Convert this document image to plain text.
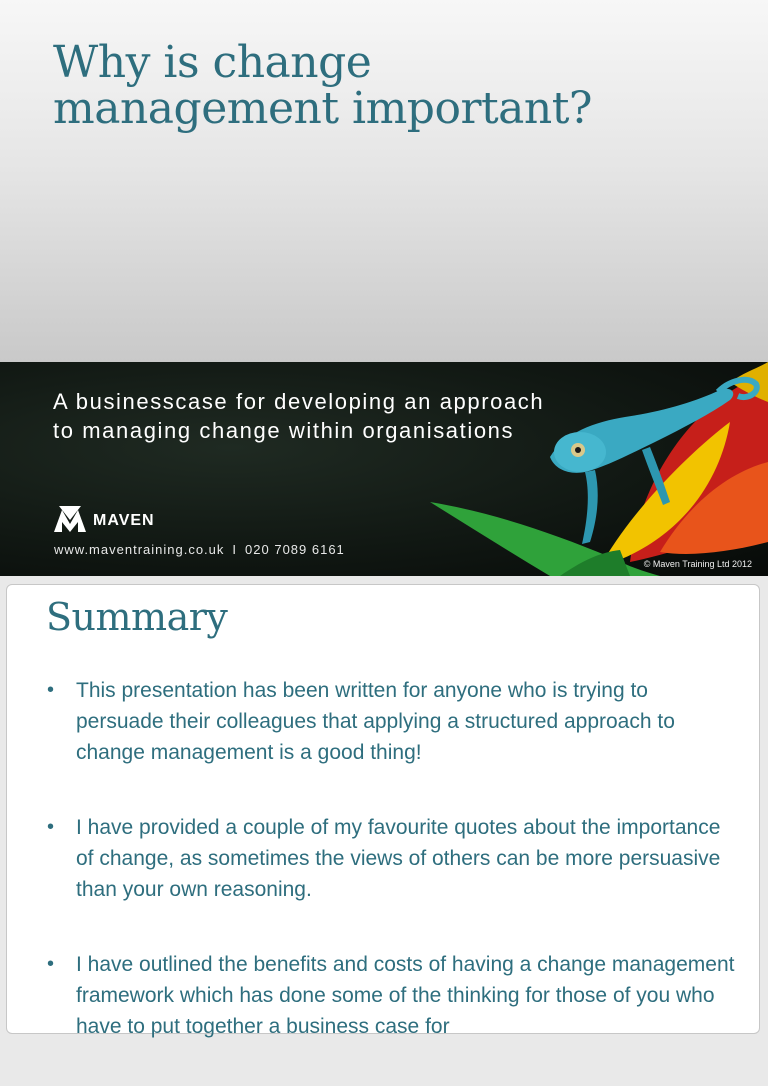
Why is change
management important?

A businesscase for developing an approach
to managing change within organisations

MAVEN
www.maventraining.co.uk I 020 7089 6161
© Maven Training Ltd 2012
Summary
• This presentation has been written for anyone who is trying to persuade their colleagues that applying a structured approach to change management is a good thing!
• I have provided a couple of my favourite quotes about the importance of change, as sometimes the views of others can be more persuasive than your own reasoning.
• I have outlined the benefits and costs of having a change management framework which has done some of the thinking for those of you who have to put together a business case for
